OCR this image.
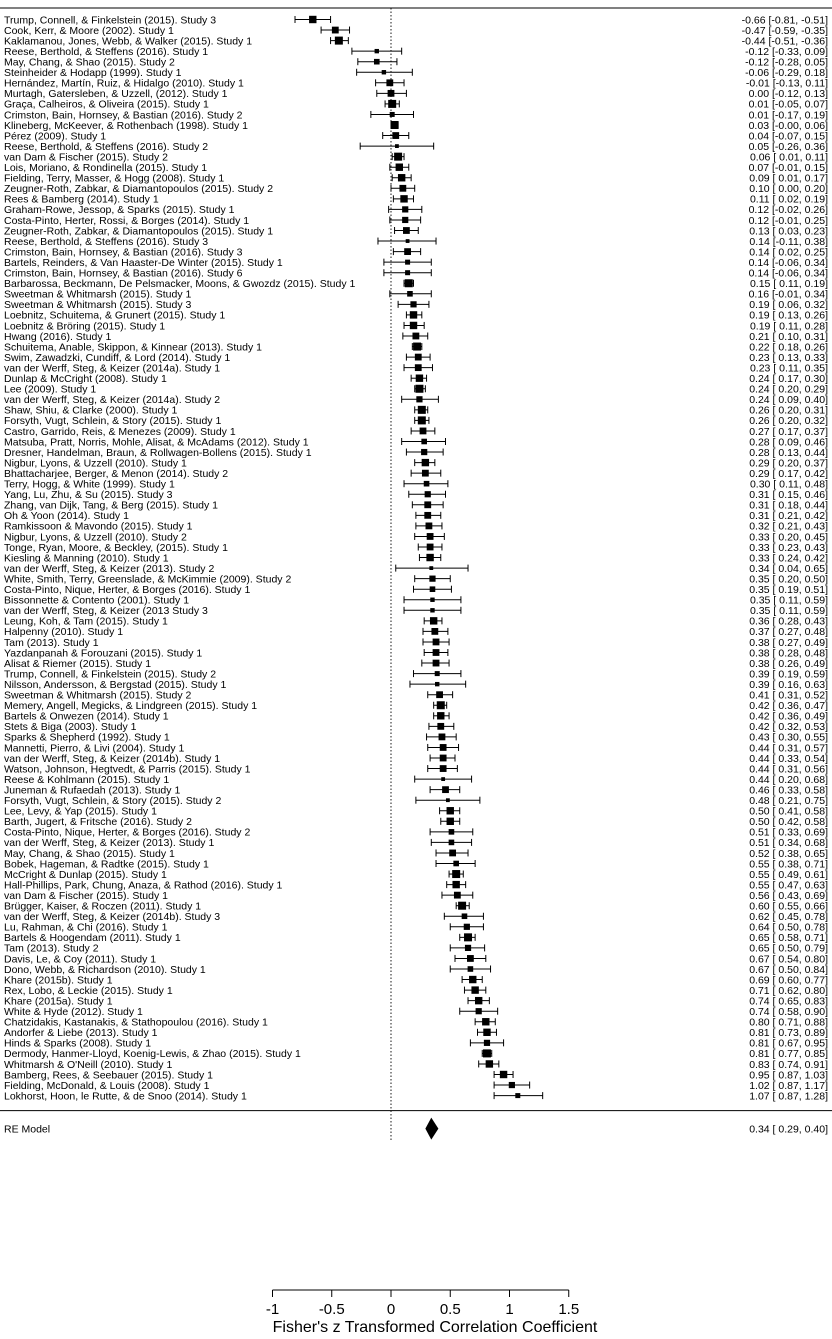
Trump, Connell, & Finkelstein (2015). Study 3	-0.66 [-0.81, -0.51]
Cook, Kerr, & Moore (2002). Study 1	-0.47 [-0.59, -0.35]
Kaklamanou, Jones, Webb, & Walker (2015). Study 1	-0.44 [-0.51, -0.36]
Reese, Berthold, & Steffens (2016). Study 1	-0.12 [-0.33, 0.09]
May, Chang, & Shao (2015). Study 2	-0.12 [-0.28, 0.05]
Steinheider & Hodapp (1999). Study 1	-0.06 [-0.29, 0.18]
Hernández, Martín, Ruiz, & Hidalgo (2010). Study 1	-0.01 [-0.13, 0.11]
Murtagh, Gatersleben, & Uzzell, (2012). Study 1	0.00 [-0.12, 0.13]
Graça, Calheiros, & Oliveira (2015). Study 1	0.01 [-0.05, 0.07]
Crimston, Bain, Hornsey, & Bastian (2016). Study 2	0.01 [-0.17, 0.19]
Klineberg, McKeever, & Rothenbach (1998). Study 1	0.03 [-0.00, 0.06]
Pérez (2009). Study 1	0.04 [-0.07, 0.15]
Reese, Berthold, & Steffens (2016). Study 2	0.05 [-0.26, 0.36]
van Dam & Fischer (2015). Study 2	0.06 [ 0.01, 0.11]
Lois, Moriano, & Rondinella (2015). Study 1	0.07 [-0.01, 0.15]
Fielding, Terry, Masser, & Hogg (2008). Study 1	0.09 [ 0.01, 0.17]
Zeugner-Roth, Zabkar, & Diamantopoulos (2015). Study 2	0.10 [ 0.00, 0.20]
Rees & Bamberg (2014). Study 1	0.11 [ 0.02, 0.19]
Graham-Rowe, Jessop, & Sparks (2015). Study 1	0.12 [-0.02, 0.26]
Costa-Pinto, Herter, Rossi, & Borges (2014). Study 1	0.12 [-0.01, 0.25]
Zeugner-Roth, Zabkar, & Diamantopoulos (2015). Study 1	0.13 [ 0.03, 0.23]
Reese, Berthold, & Steffens (2016). Study 3	0.14 [-0.11, 0.38]
Crimston, Bain, Hornsey, & Bastian (2016). Study 3	0.14 [ 0.02, 0.25]
Bartels, Reinders, & Van Haaster-De Winter (2015). Study 1	0.14 [-0.06, 0.34]
Crimston, Bain, Hornsey, & Bastian (2016). Study 6	0.14 [-0.06, 0.34]
Barbarossa, Beckmann, De Pelsmacker, Moons, & Gwozdz (2015). Study 1	0.15 [ 0.11, 0.19]
Sweetman & Whitmarsh (2015). Study 1	0.16 [-0.01, 0.34]
Sweetman & Whitmarsh (2015). Study 3	0.19 [ 0.06, 0.32]
Loebnitz, Schuitema, & Grunert (2015). Study 1	0.19 [ 0.13, 0.26]
Loebnitz & Bröring (2015). Study 1	0.19 [ 0.11, 0.28]
Hwang (2016). Study 1	0.21 [ 0.10, 0.31]
Schuitema, Anable, Skippon, & Kinnear (2013). Study 1	0.22 [ 0.18, 0.26]
Swim, Zawadzki, Cundiff, & Lord (2014). Study 1	0.23 [ 0.13, 0.33]
van der Werff, Steg, & Keizer (2014a). Study 1	0.23 [ 0.11, 0.35]
Dunlap & McCright (2008). Study 1	0.24 [ 0.17, 0.30]
Lee (2009). Study 1	0.24 [ 0.20, 0.29]
van der Werff, Steg, & Keizer (2014a). Study 2	0.24 [ 0.09, 0.40]
Shaw, Shiu, & Clarke (2000). Study 1	0.26 [ 0.20, 0.31]
Forsyth, Vugt, Schlein, & Story (2015). Study 1	0.26 [ 0.20, 0.32]
Castro, Garrido, Reis, & Menezes (2009). Study 1	0.27 [ 0.17, 0.37]
Matsuba, Pratt, Norris, Mohle, Alisat, & McAdams (2012). Study 1	0.28 [ 0.09, 0.46]
Dresner, Handelman, Braun, & Rollwagen-Bollens (2015). Study 1	0.28 [ 0.13, 0.44]
Nigbur, Lyons, & Uzzell (2010). Study 1	0.29 [ 0.20, 0.37]
Bhattacharjee, Berger, & Menon (2014). Study 2	0.29 [ 0.17, 0.42]
Terry, Hogg, & White (1999). Study 1	0.30 [ 0.11, 0.48]
Yang, Lu, Zhu, & Su (2015). Study 3	0.31 [ 0.15, 0.46]
Zhang, van Dijk, Tang, & Berg (2015). Study 1	0.31 [ 0.18, 0.44]
Oh & Yoon (2014). Study 1	0.31 [ 0.21, 0.42]
Ramkissoon & Mavondo (2015). Study 1	0.32 [ 0.21, 0.43]
Nigbur, Lyons, & Uzzell (2010). Study 2	0.33 [ 0.20, 0.45]
Tonge, Ryan, Moore, & Beckley, (2015). Study 1	0.33 [ 0.23, 0.43]
Kiesling & Manning (2010). Study 1	0.33 [ 0.24, 0.42]
van der Werff, Steg, & Keizer (2013). Study 2	0.34 [ 0.04, 0.65]
White, Smith, Terry, Greenslade, & McKimmie (2009). Study 2	0.35 [ 0.20, 0.50]
Costa-Pinto, Nique, Herter, & Borges (2016). Study 1	0.35 [ 0.19, 0.51]
Bissonnette & Contento (2001). Study 1	0.35 [ 0.11, 0.59]
van der Werff, Steg, & Keizer (2013 Study 3	0.35 [ 0.11, 0.59]
Leung, Koh, & Tam (2015). Study 1	0.36 [ 0.28, 0.43]
Halpenny (2010). Study 1	0.37 [ 0.27, 0.48]
Tam (2013). Study 1	0.38 [ 0.27, 0.49]
Yazdanpanah & Forouzani (2015). Study 1	0.38 [ 0.28, 0.48]
Alisat & Riemer (2015). Study 1	0.38 [ 0.26, 0.49]
Trump, Connell, & Finkelstein (2015). Study 2	0.39 [ 0.19, 0.59]
Nilsson, Andersson, & Bergstad (2015). Study 1	0.39 [ 0.16, 0.63]
Sweetman & Whitmarsh (2015). Study 2	0.41 [ 0.31, 0.52]
Memery, Angell, Megicks, & Lindgreen (2015). Study 1	0.42 [ 0.36, 0.47]
Bartels & Onwezen (2014). Study 1	0.42 [ 0.36, 0.49]
Stets & Biga (2003). Study 1	0.42 [ 0.32, 0.53]
Sparks & Shepherd (1992). Study 1	0.43 [ 0.30, 0.55]
Mannetti, Pierro, & Livi (2004). Study 1	0.44 [ 0.31, 0.57]
van der Werff, Steg, & Keizer (2014b). Study 1	0.44 [ 0.33, 0.54]
Watson, Johnson, Hegtvedt, & Parris (2015). Study 1	0.44 [ 0.31, 0.56]
Reese & Kohlmann (2015). Study 1	0.44 [ 0.20, 0.68]
Juneman & Rufaedah (2013). Study 1	0.46 [ 0.33, 0.58]
Forsyth, Vugt, Schlein, & Story (2015). Study 2	0.48 [ 0.21, 0.75]
Lee, Levy, & Yap (2015). Study 1	0.50 [ 0.41, 0.58]
Barth, Jugert, & Fritsche (2016). Study 2	0.50 [ 0.42, 0.58]
Costa-Pinto, Nique, Herter, & Borges (2016). Study 2	0.51 [ 0.33, 0.69]
van der Werff, Steg, & Keizer (2013). Study 1	0.51 [ 0.34, 0.68]
May, Chang, & Shao (2015). Study 1	0.52 [ 0.38, 0.65]
Bobek, Hageman, & Radtke (2015). Study 1	0.55 [ 0.38, 0.71]
McCright & Dunlap (2015). Study 1	0.55 [ 0.49, 0.61]
Hall-Phillips, Park, Chung, Anaza, & Rathod (2016). Study 1	0.55 [ 0.47, 0.63]
van Dam & Fischer (2015). Study 1	0.56 [ 0.43, 0.69]
Brügger, Kaiser, & Roczen (2011). Study 1	0.60 [ 0.55, 0.66]
van der Werff, Steg, & Keizer (2014b). Study 3	0.62 [ 0.45, 0.78]
Lu, Rahman, & Chi (2016). Study 1	0.64 [ 0.50, 0.78]
Bartels & Hoogendam (2011). Study 1	0.65 [ 0.58, 0.71]
Tam (2013). Study 2	0.65 [ 0.50, 0.79]
Davis, Le, & Coy (2011). Study 1	0.67 [ 0.54, 0.80]
Dono, Webb, & Richardson (2010). Study 1	0.67 [ 0.50, 0.84]
Khare (2015b). Study 1	0.69 [ 0.60, 0.77]
Rex, Lobo, & Leckie (2015). Study 1	0.71 [ 0.62, 0.80]
Khare (2015a). Study 1	0.74 [ 0.65, 0.83]
White & Hyde (2012). Study 1	0.74 [ 0.58, 0.90]
Chatzidakis, Kastanakis, & Stathopoulou (2016). Study 1	0.80 [ 0.71, 0.88]
Andorfer & Liebe (2013). Study 1	0.81 [ 0.73, 0.89]
Hinds & Sparks (2008). Study 1	0.81 [ 0.67, 0.95]
Dermody, Hanmer-Lloyd, Koenig-Lewis, & Zhao (2015). Study 1	0.81 [ 0.77, 0.85]
Whitmarsh & O'Neill (2010). Study 1	0.83 [ 0.74, 0.91]
Bamberg, Rees, & Seebauer (2015). Study 1	0.95 [ 0.87, 1.03]
Fielding, McDonald, & Louis (2008). Study 1	1.02 [ 0.87, 1.17]
Lokhorst, Hoon, le Rutte, & de Snoo (2014). Study 1	1.07 [ 0.87, 1.28]
RE Model	0.34 [ 0.29, 0.40]
-1	-0.5	0	0.5	1	1.5
Fisher's z Transformed Correlation Coefficient
